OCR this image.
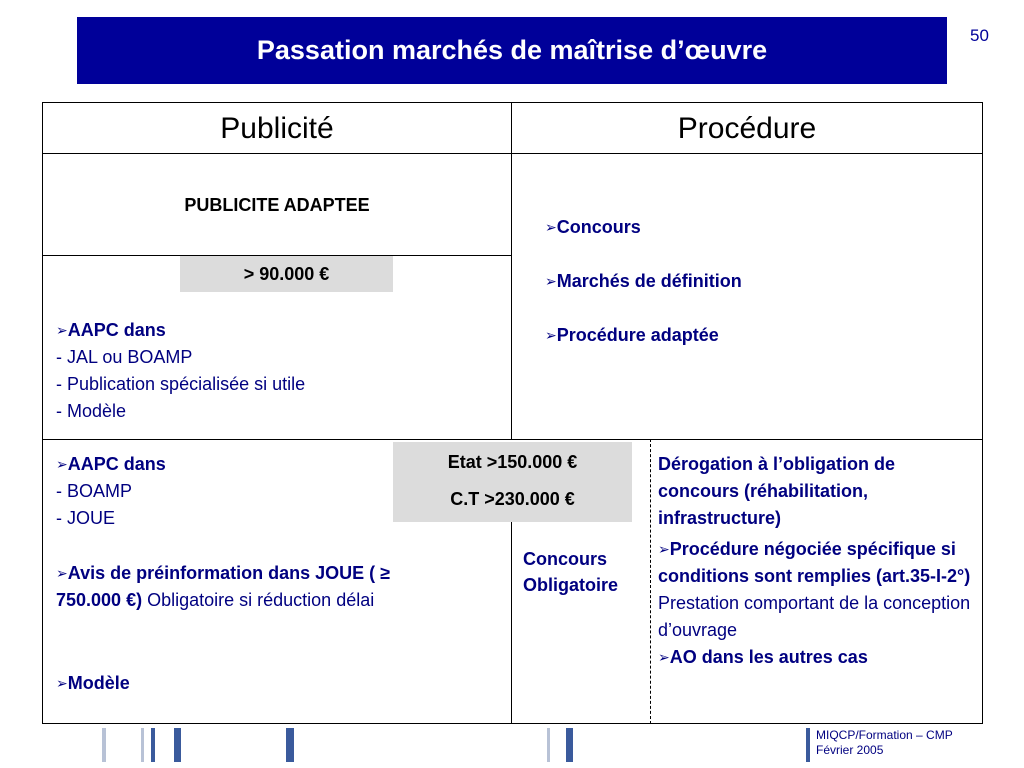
Passation marchés de maîtrise d’œuvre	50
Publicité	Procédure
PUBLICITE ADAPTEE
> 90.000 €
➢AAPC dans
- JAL ou BOAMP
- Publication spécialisée si utile
- Modèle
➢Concours
➢Marchés de définition
➢Procédure adaptée
Etat >150.000 €
C.T >230.000 €
➢AAPC dans
- BOAMP
- JOUE
➢Avis de préinformation dans JOUE ( ≥ 750.000 €) Obligatoire si réduction délai
➢Modèle
Concours
Obligatoire
Dérogation à l’obligation de concours (réhabilitation, infrastructure)
➢Procédure négociée spécifique si conditions sont remplies (art.35-I-2°) Prestation comportant de la conception d’ouvrage
➢AO dans les autres cas
MIQCP/Formation – CMP
Février 2005
